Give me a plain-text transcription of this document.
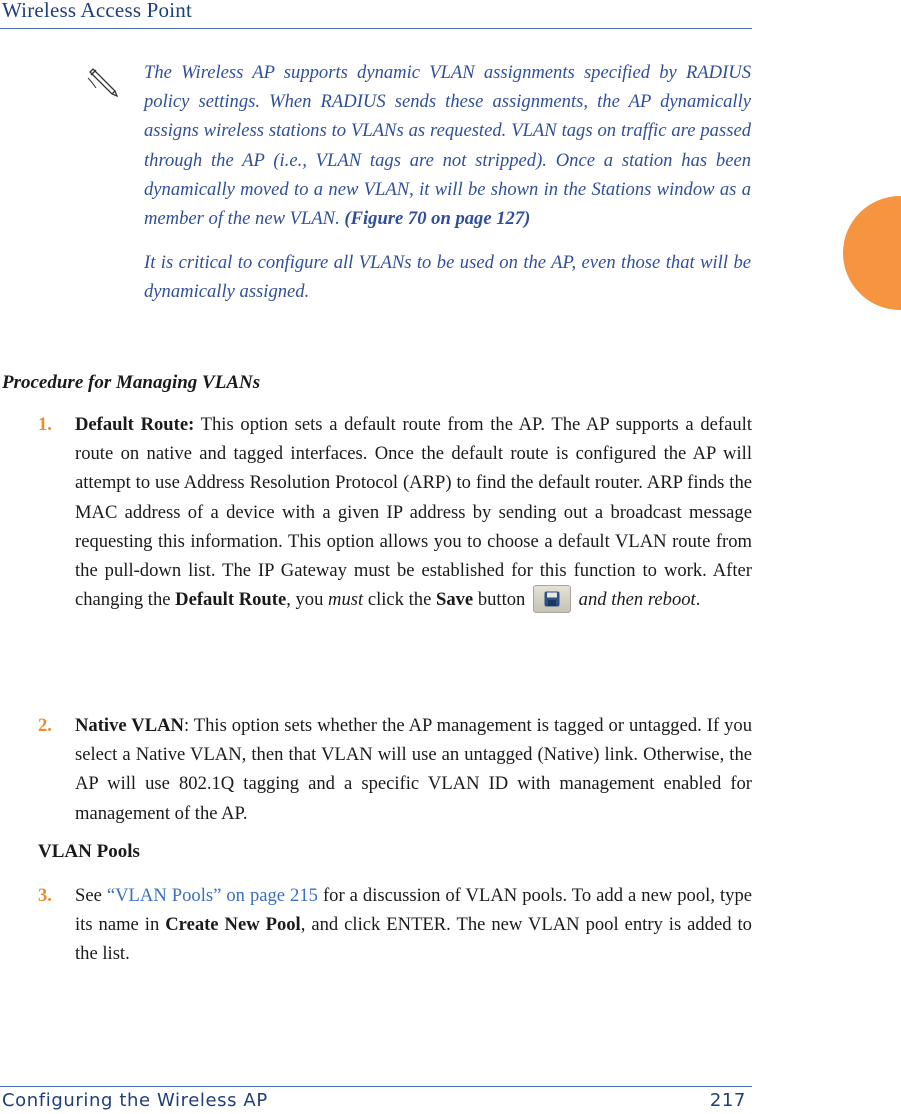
Wireless Access Point

The Wireless AP supports dynamic VLAN assignments specified by RADIUS policy settings. When RADIUS sends these assignments, the AP dynamically assigns wireless stations to VLANs as requested. VLAN tags on traffic are passed through the AP (i.e., VLAN tags are not stripped). Once a station has been dynamically moved to a new VLAN, it will be shown in the Stations window as a member of the new VLAN. (Figure 70 on page 127)

It is critical to configure all VLANs to be used on the AP, even those that will be dynamically assigned.

Procedure for Managing VLANs
1. Default Route: This option sets a default route from the AP. The AP supports a default route on native and tagged interfaces. Once the default route is configured the AP will attempt to use Address Resolution Protocol (ARP) to find the default router. ARP finds the MAC address of a device with a given IP address by sending out a broadcast message requesting this information. This option allows you to choose a default VLAN route from the pull-down list. The IP Gateway must be established for this function to work. After changing the Default Route, you must click the Save button
and then reboot.
2. Native VLAN: This option sets whether the AP management is tagged or untagged. If you select a Native VLAN, then that VLAN will use an untagged (Native) link. Otherwise, the AP will use 802.1Q tagging and a specific VLAN ID with management enabled for management of the AP.
VLAN Pools
3. See “VLAN Pools” on page 215 for a discussion of VLAN pools. To add a new pool, type its name in Create New Pool, and click ENTER. The new VLAN pool entry is added to the list.
Configuring the Wireless AP	217
